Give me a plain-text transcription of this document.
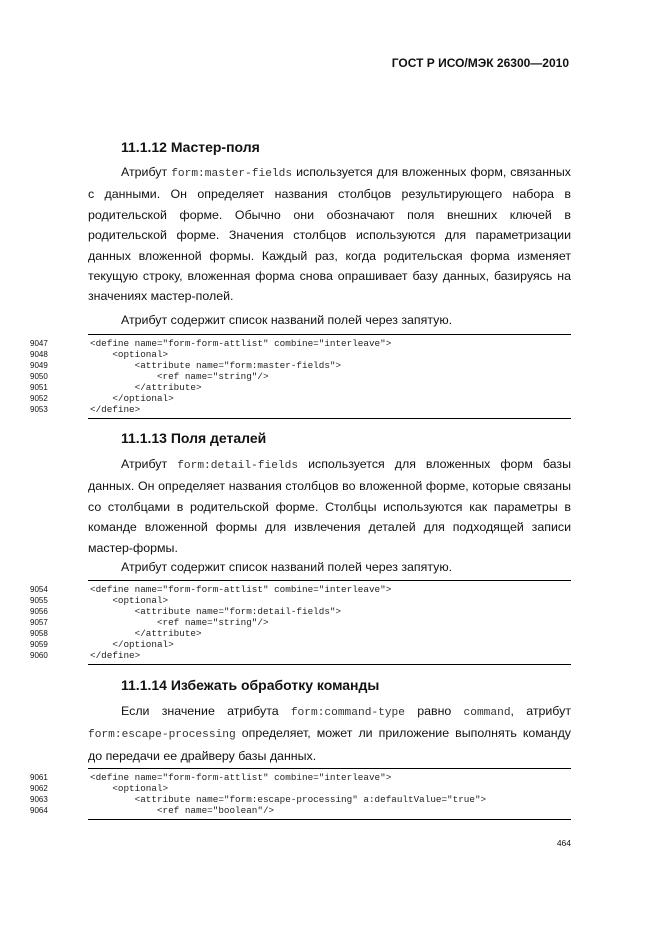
ГОСТ Р ИСО/МЭК 26300—2010
11.1.12 Мастер-поля

Атрибут form:master-fields используется для вложенных форм, связанных с данными. Он определяет названия столбцов результирующего набора в родительской форме. Обычно они обозначают поля внешних ключей в родительской форме. Значения столбцов используются для параметризации данных вложенной формы. Каждый раз, когда родительская форма изменяет текущую строку, вложенная форма снова опрашивает базу данных, базируясь на значениях мастер-полей.

Атрибут содержит список названий полей через запятую.

9047	<define name="form-form-attlist" combine="interleave">
9048	<optional>
9049	<attribute name="form:master-fields">
9050	<ref name="string"/>
9051	</attribute>
9052	</optional>
9053	</define>
11.1.13 Поля деталей

Атрибут form:detail-fields используется для вложенных форм базы данных. Он определяет названия столбцов во вложенной форме, которые связаны со столбцами в родительской форме. Столбцы используются как параметры в команде вложенной формы для извлечения деталей для подходящей записи мастер-формы.

Атрибут содержит список названий полей через запятую.

9054	<define name="form-form-attlist" combine="interleave">
9055	<optional>
9056	<attribute name="form:detail-fields">
9057	<ref name="string"/>
9058	</attribute>
9059	</optional>
9060	</define>
11.1.14 Избежать обработку команды

Если значение атрибута form:command-type равно command, атрибут form:escape-processing определяет, может ли приложение выполнять команду до передачи ее драйверу базы данных.

9061	<define name="form-form-attlist" combine="interleave">
9062	<optional>
9063	<attribute name="form:escape-processing" a:defaultValue="true">
9064	<ref name="boolean"/>
464
